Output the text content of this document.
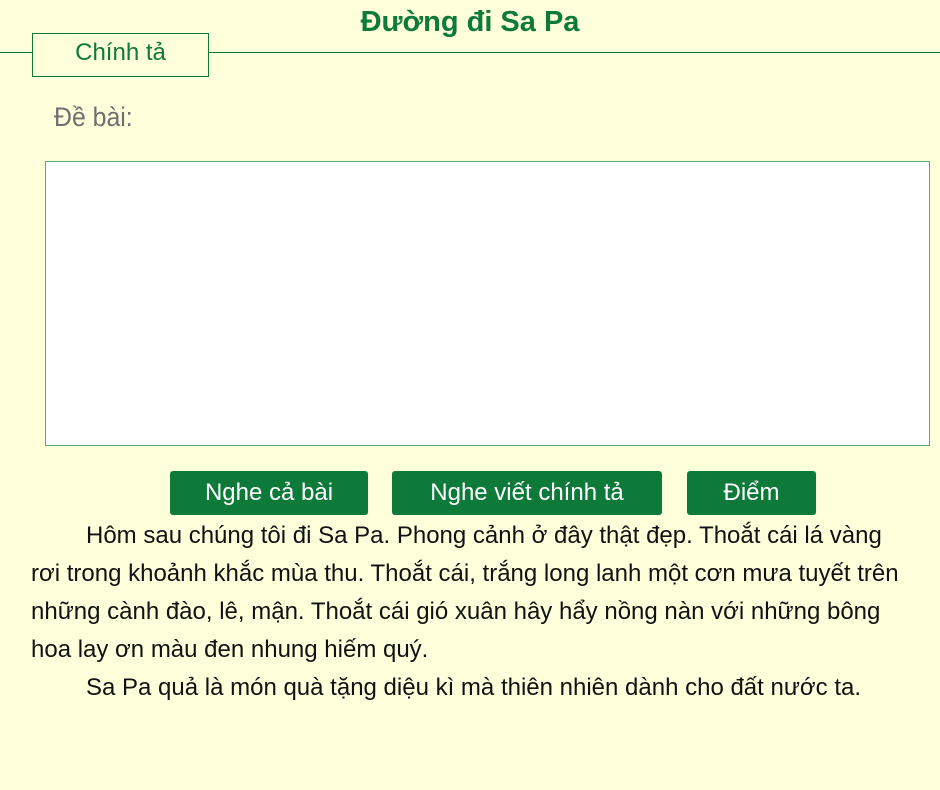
Đường đi Sa Pa
Chính tả
Đề bài:
Nghe cả bài	Nghe viết chính tả	Điểm

Hôm sau chúng tôi đi Sa Pa. Phong cảnh ở đây thật đẹp. Thoắt cái lá vàng rơi trong khoảnh khắc mùa thu. Thoắt cái, trắng long lanh một cơn mưa tuyết trên những cành đào, lê, mận. Thoắt cái gió xuân hây hẩy nồng nàn với những bông hoa lay ơn màu đen nhung hiếm quý.

Sa Pa quả là món quà tặng diệu kì mà thiên nhiên dành cho đất nước ta.
